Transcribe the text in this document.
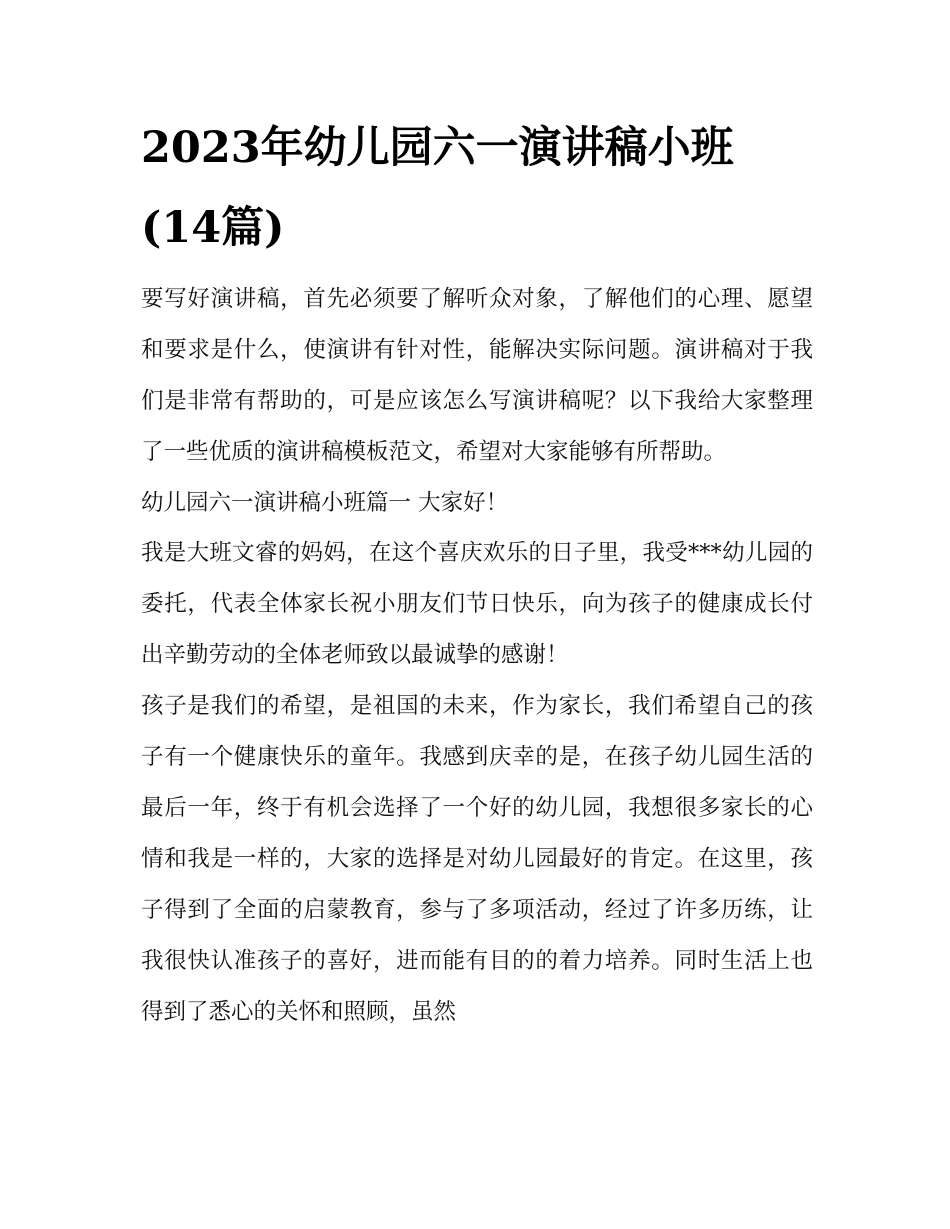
2023年幼儿园六一演讲稿小班(14篇)

要写好演讲稿，首先必须要了解听众对象，了解他们的心理、愿望和要求是什么，使演讲有针对性，能解决实际问题。演讲稿对于我们是非常有帮助的，可是应该怎么写演讲稿呢？以下我给大家整理了一些优质的演讲稿模板范文，希望对大家能够有所帮助。

幼儿园六一演讲稿小班篇一 大家好！

我是大班文睿的妈妈，在这个喜庆欢乐的日子里，我受***幼儿园的委托，代表全体家长祝小朋友们节日快乐，向为孩子的健康成长付出辛勤劳动的全体老师致以最诚挚的感谢！

孩子是我们的希望，是祖国的未来，作为家长，我们希望自己的孩子有一个健康快乐的童年。我感到庆幸的是，在孩子幼儿园生活的最后一年，终于有机会选择了一个好的幼儿园，我想很多家长的心情和我是一样的，大家的选择是对幼儿园最好的肯定。在这里，孩子得到了全面的启蒙教育，参与了多项活动，经过了许多历练，让我很快认准孩子的喜好，进而能有目的的着力培养。同时生活上也得到了悉心的关怀和照顾，虽然
